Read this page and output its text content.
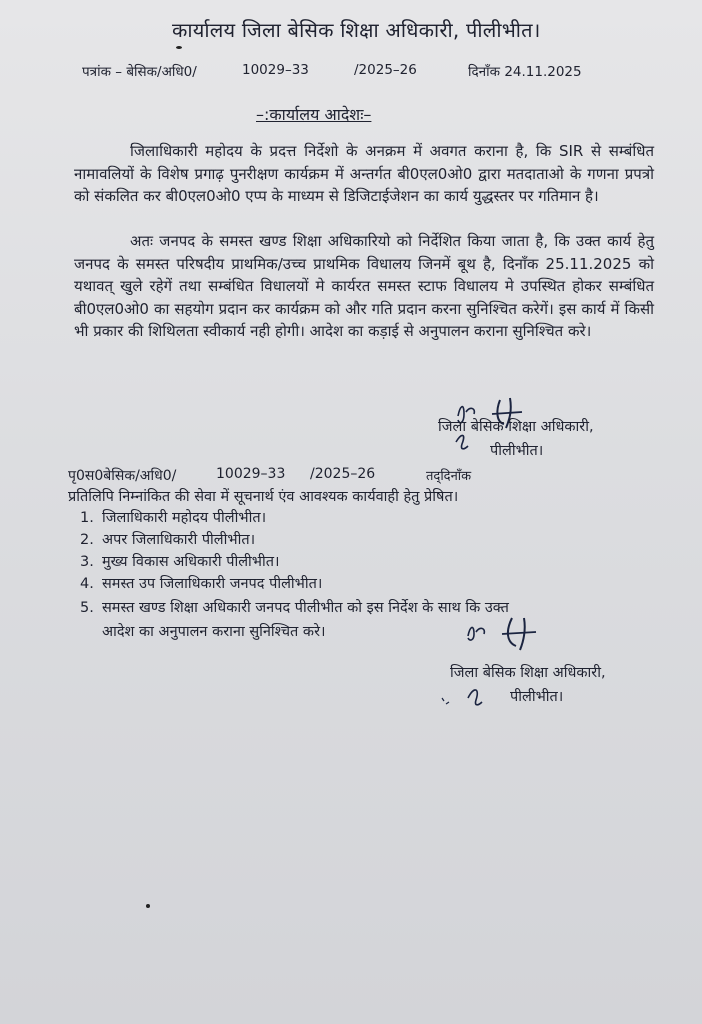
कार्यालय जिला बेसिक शिक्षा अधिकारी, पीलीभीत।
पत्रांक – बेसिक/अधि0/	10029–33	/2025–26	दिनाँक 24.11.2025
–:कार्यालय आदेशः–
जिलाधिकारी महोदय के प्रदत्त निर्देशो के अनक्रम में अवगत कराना है, कि SIR से सम्बंधित नामावलियों के विशेष प्रगाढ़ पुनरीक्षण कार्यक्रम में अन्तर्गत बी0एल0ओ0 द्वारा मतदाताओ के गणना प्रपत्रो को संकलित कर बी0एल0ओ0 एप्प के माध्यम से डिजिटाईजेशन का कार्य युद्धस्तर पर गतिमान है।
अतः जनपद के समस्त खण्ड शिक्षा अधिकारियो को निर्देशित किया जाता है, कि उक्त कार्य हेतु जनपद के समस्त परिषदीय प्राथमिक/उच्च प्राथमिक विधालय जिनमें बूथ है, दिनाँक 25.11.2025 को यथावत् खुले रहेगें तथा सम्बंधित विधालयों मे कार्यरत समस्त स्टाफ विधालय मे उपस्थित होकर सम्बंधित बी0एल0ओ0 का सहयोग प्रदान कर कार्यक्रम को और गति प्रदान करना सुनिश्चित करेगें। इस कार्य में किसी भी प्रकार की शिथिलता स्वीकार्य नही होगी। आदेश का कड़ाई से अनुपालन कराना सुनिश्चित करे।
जिला बेसिक शिक्षा अधिकारी,
पीलीभीत।
पृ0स0बेसिक/अधि0/	10029–33 /2025–26	तद्‌दिनाँक
प्रतिलिपि निम्नांकित की सेवा में सूचनार्थ एंव आवश्यक कार्यवाही हेतु प्रेषित।
1. जिलाधिकारी महोदय पीलीभीत।
2. अपर जिलाधिकारी पीलीभीत।
3. मुख्य विकास अधिकारी पीलीभीत।
4. समस्त उप जिलाधिकारी जनपद पीलीभीत।
5. समस्त खण्ड शिक्षा अधिकारी जनपद पीलीभीत को इस निर्देश के साथ कि उक्त
आदेश का अनुपालन कराना सुनिश्चित करे।
जिला बेसिक शिक्षा अधिकारी,
पीलीभीत।
